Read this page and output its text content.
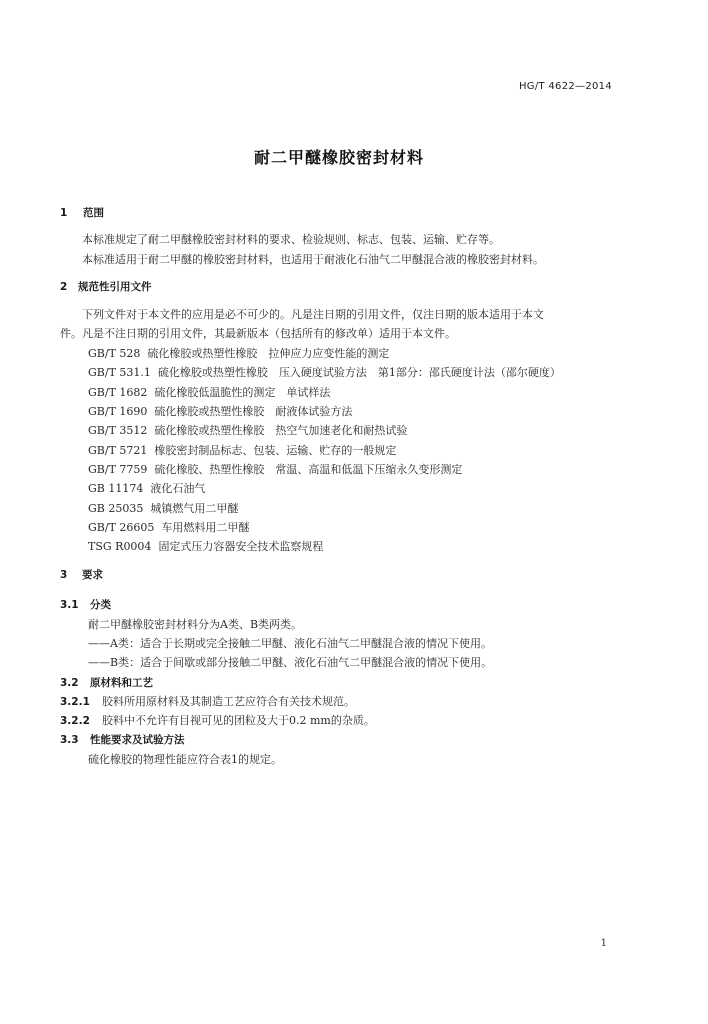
HG/T 4622—2014
耐二甲醚橡胶密封材料
1 范围
本标准规定了耐二甲醚橡胶密封材料的要求、检验规则、标志、包装、运输、贮存等。
本标准适用于耐二甲醚的橡胶密封材料，也适用于耐液化石油气二甲醚混合液的橡胶密封材料。
2 规范性引用文件
下列文件对于本文件的应用是必不可少的。凡是注日期的引用文件，仅注日期的版本适用于本文
件。凡是不注日期的引用文件，其最新版本（包括所有的修改单）适用于本文件。
GB/T 528 硫化橡胶或热塑性橡胶　拉伸应力应变性能的测定
GB/T 531.1 硫化橡胶或热塑性橡胶　压入硬度试验方法　第1部分：邵氏硬度计法（邵尔硬度）
GB/T 1682 硫化橡胶低温脆性的测定　单试样法
GB/T 1690 硫化橡胶或热塑性橡胶　耐液体试验方法
GB/T 3512 硫化橡胶或热塑性橡胶　热空气加速老化和耐热试验
GB/T 5721 橡胶密封制品标志、包装、运输、贮存的一般规定
GB/T 7759 硫化橡胶、热塑性橡胶　常温、高温和低温下压缩永久变形测定
GB 11174 液化石油气
GB 25035 城镇燃气用二甲醚
GB/T 26605 车用燃料用二甲醚
TSG R0004 固定式压力容器安全技术监察规程
3 要求
3.1 分类
耐二甲醚橡胶密封材料分为A类、B类两类。
——A类：适合于长期或完全接触二甲醚、液化石油气二甲醚混合液的情况下使用。
——B类：适合于间歇或部分接触二甲醚、液化石油气二甲醚混合液的情况下使用。
3.2 原材料和工艺
3.2.1 胶料所用原材料及其制造工艺应符合有关技术规范。
3.2.2 胶料中不允许有目视可见的团粒及大于0.2 mm的杂质。
3.3 性能要求及试验方法
硫化橡胶的物理性能应符合表1的规定。
1
